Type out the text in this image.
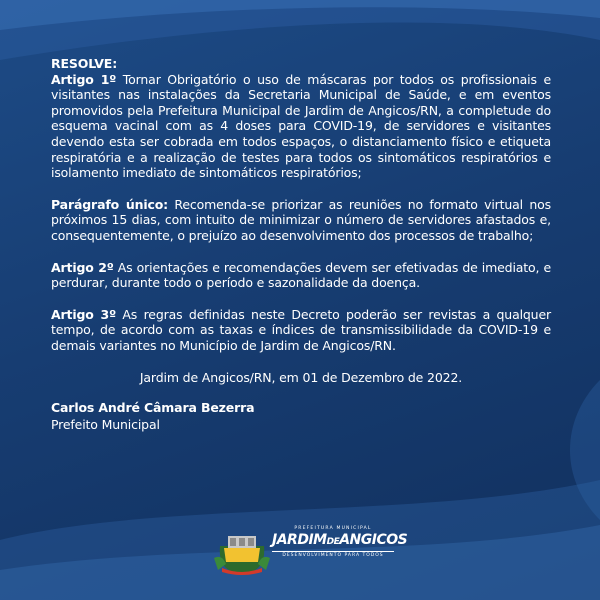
RESOLVE:

Artigo 1º Tornar Obrigatório o uso de máscaras por todos os profissionais e visitantes nas instalações da Secretaria Municipal de Saúde, e em eventos promovidos pela Prefeitura Municipal de Jardim de Angicos/RN, a completude do esquema vacinal com as 4 doses para COVID-19, de servidores e visitantes devendo esta ser cobrada em todos espaços, o distanciamento físico e etiqueta respiratória e a realização de testes para todos os sintomáticos respiratórios e isolamento imediato de sintomáticos respiratórios;

Parágrafo único: Recomenda-se priorizar as reuniões no formato virtual nos próximos 15 dias, com intuito de minimizar o número de servidores afastados e, consequentemente, o prejuízo ao desenvolvimento dos processos de trabalho;

Artigo 2º As orientações e recomendações devem ser efetivadas de imediato, e perdurar, durante todo o período e sazonalidade da doença.

Artigo 3º As regras definidas neste Decreto poderão ser revistas a qualquer tempo, de acordo com as taxas e índices de transmissibilidade da COVID-19 e demais variantes no Município de Jardim de Angicos/RN.

Jardim de Angicos/RN, em 01 de Dezembro de 2022.

Carlos André Câmara Bezerra

Prefeito Municipal

PREFEITURA MUNICIPAL
JARDIMDEANGICOS
DESENVOLVIMENTO PARA TODOS
